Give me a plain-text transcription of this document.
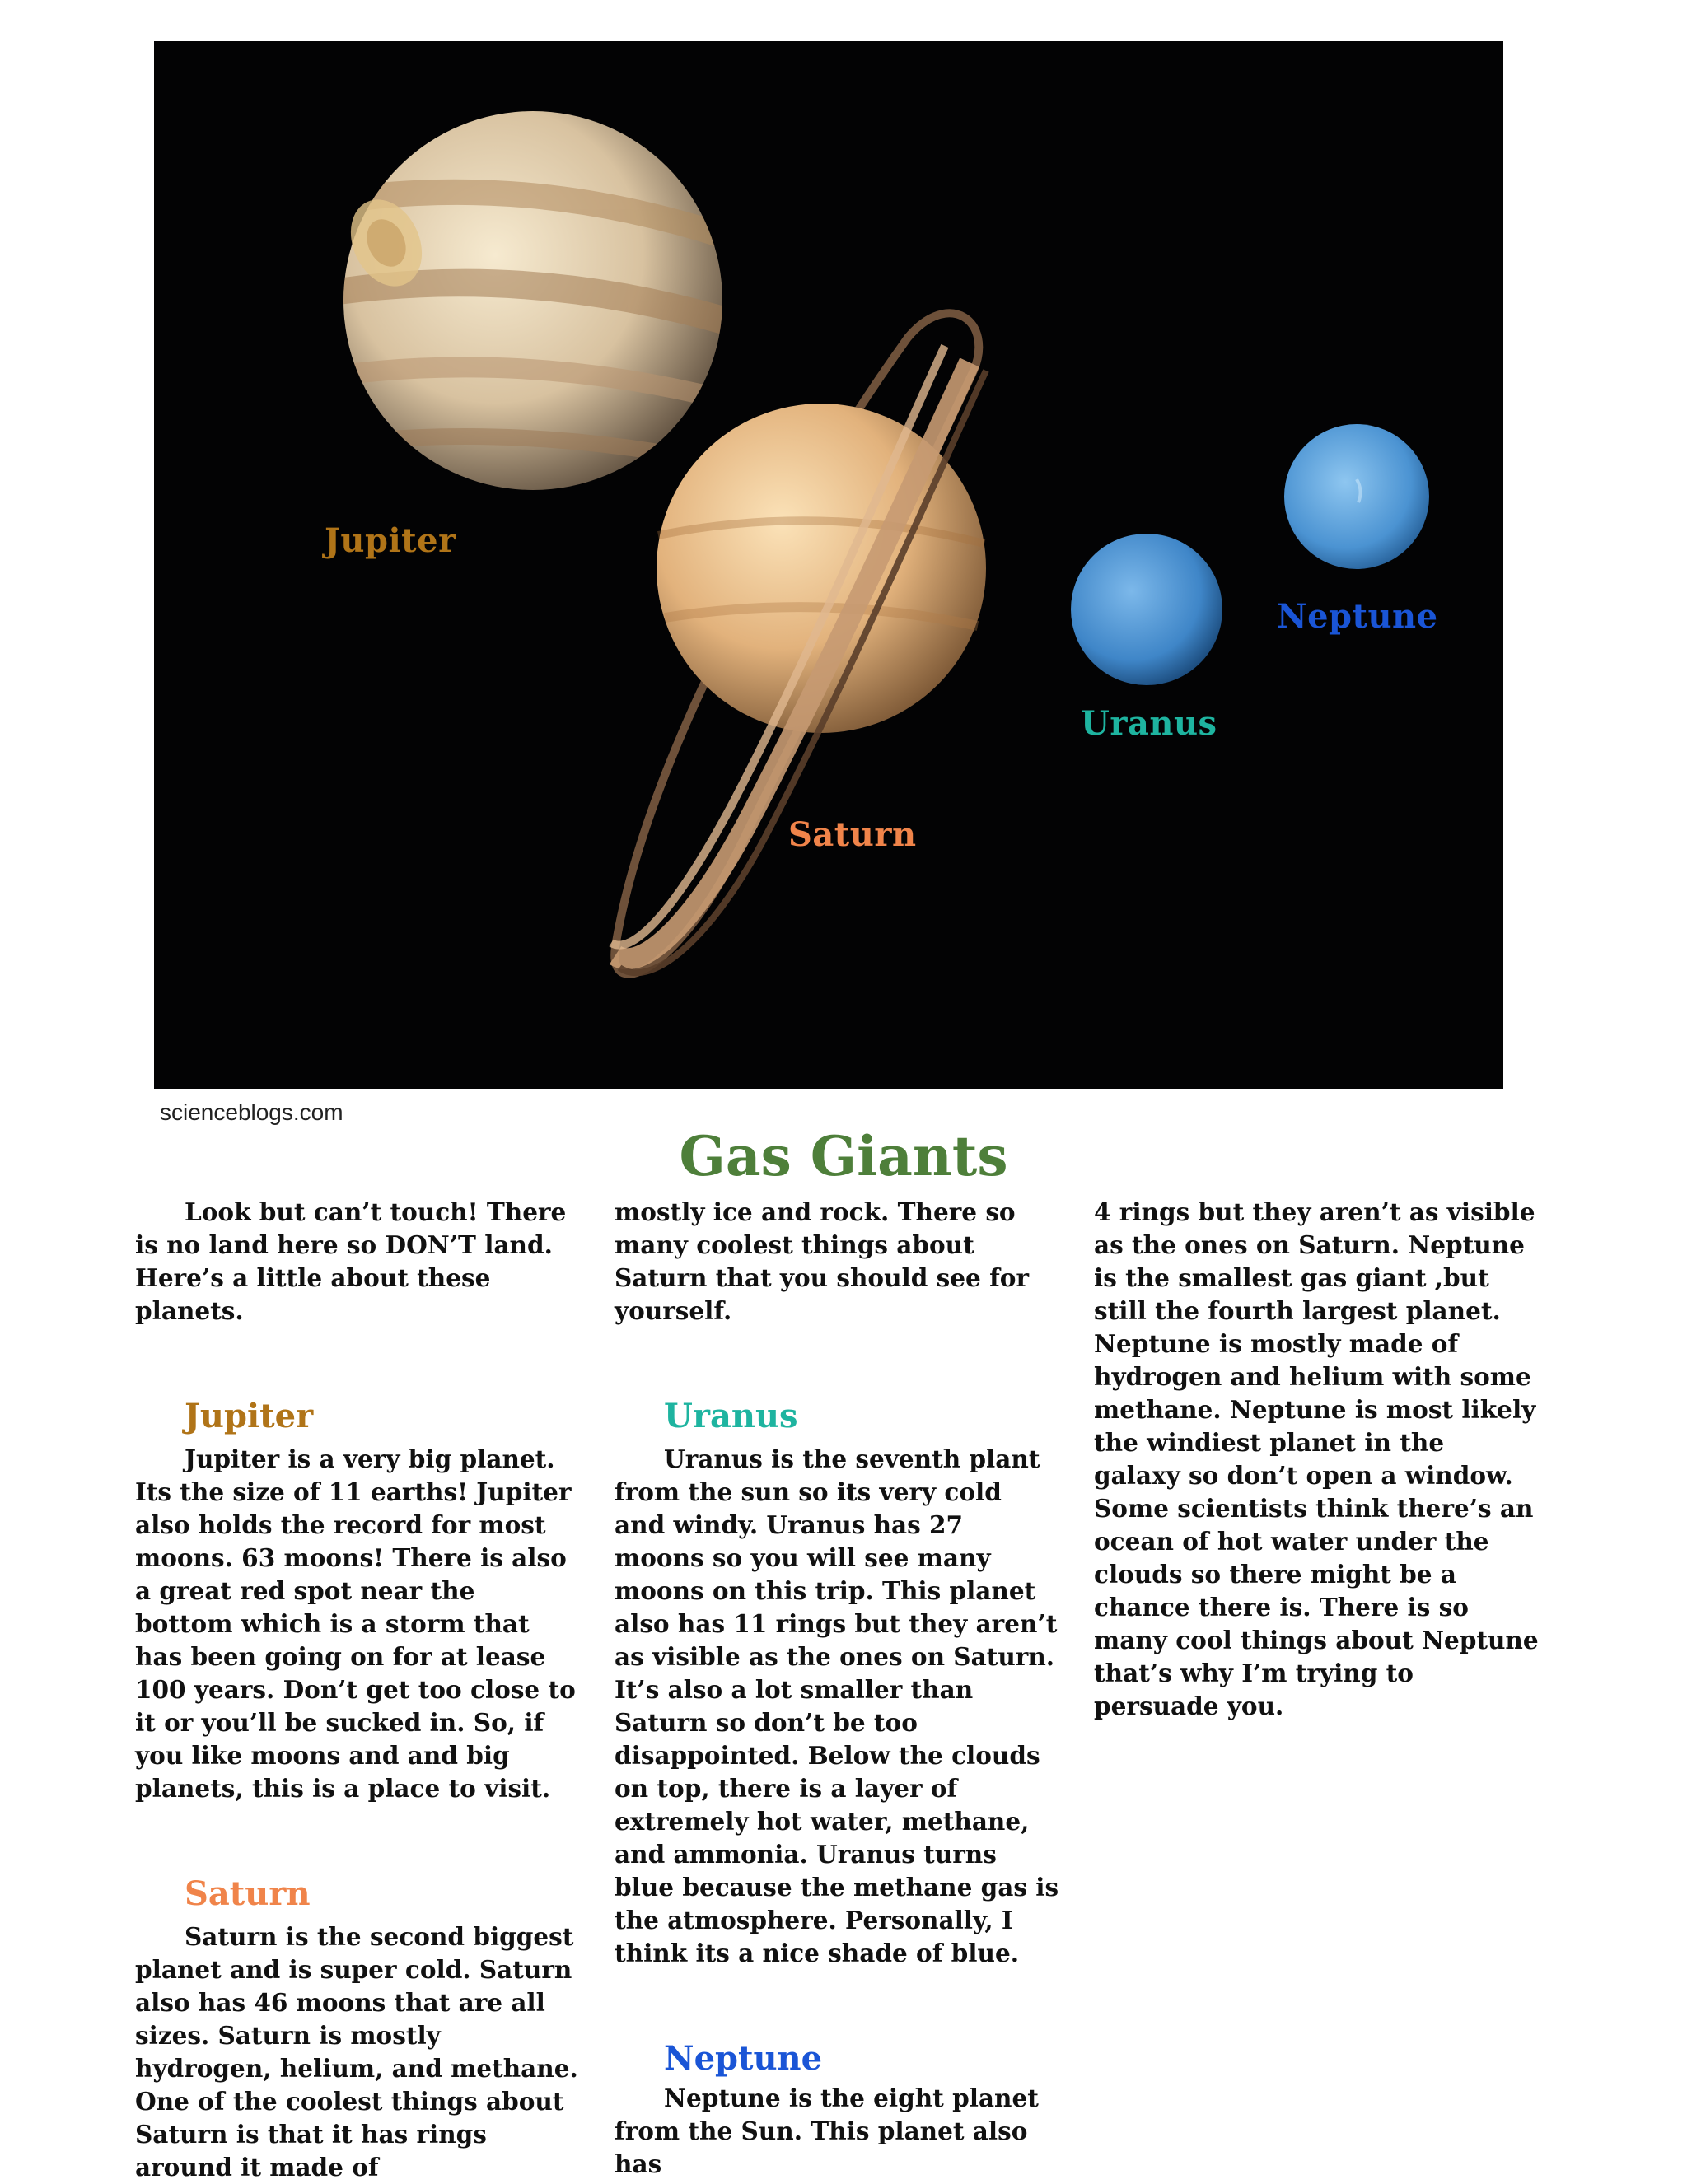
Jupiter
Saturn
Uranus
Neptune
scienceblogs.com
Gas Giants

Look but can’t touch! There is no land here so DON’T land. Here’s a little about these planets.

Jupiter

Jupiter is a very big planet. Its the size of 11 earths! Jupiter also holds the record for most moons. 63 moons! There is also a great red spot near the bottom which is a storm that has been going on for at lease 100 years. Don’t get too close to it or you’ll be sucked in. So, if you like moons and and big planets, this is a place to visit.

Saturn

Saturn is the second biggest planet and is super cold. Saturn also has 46 moons that are all sizes. Saturn is mostly hydrogen, helium, and methane. One of the coolest things about Saturn is that it has rings around it made of

mostly ice and rock. There so many coolest things about Saturn that you should see for yourself.

Uranus

Uranus is the seventh plant from the sun so its very cold and windy. Uranus has 27 moons so you will see many moons on this trip. This planet also has 11 rings but they aren’t as visible as the ones on Saturn. It’s also a lot smaller than Saturn so don’t be too disappointed. Below the clouds on top, there is a layer of extremely hot water, methane, and ammonia. Uranus turns blue because the methane gas is the atmosphere. Personally, I think its a nice shade of blue.

Neptune

Neptune is the eight planet from the Sun. This planet also has

4 rings but they aren’t as visible as the ones on Saturn. Neptune is the smallest gas giant ,but still the fourth largest planet. Neptune is mostly made of hydrogen and helium with some methane. Neptune is most likely the windiest planet in the galaxy so don’t open a window. Some scientists think there’s an ocean of hot water under the clouds so there might be a chance there is. There is so many cool things about Neptune that’s why I’m trying to persuade you.
